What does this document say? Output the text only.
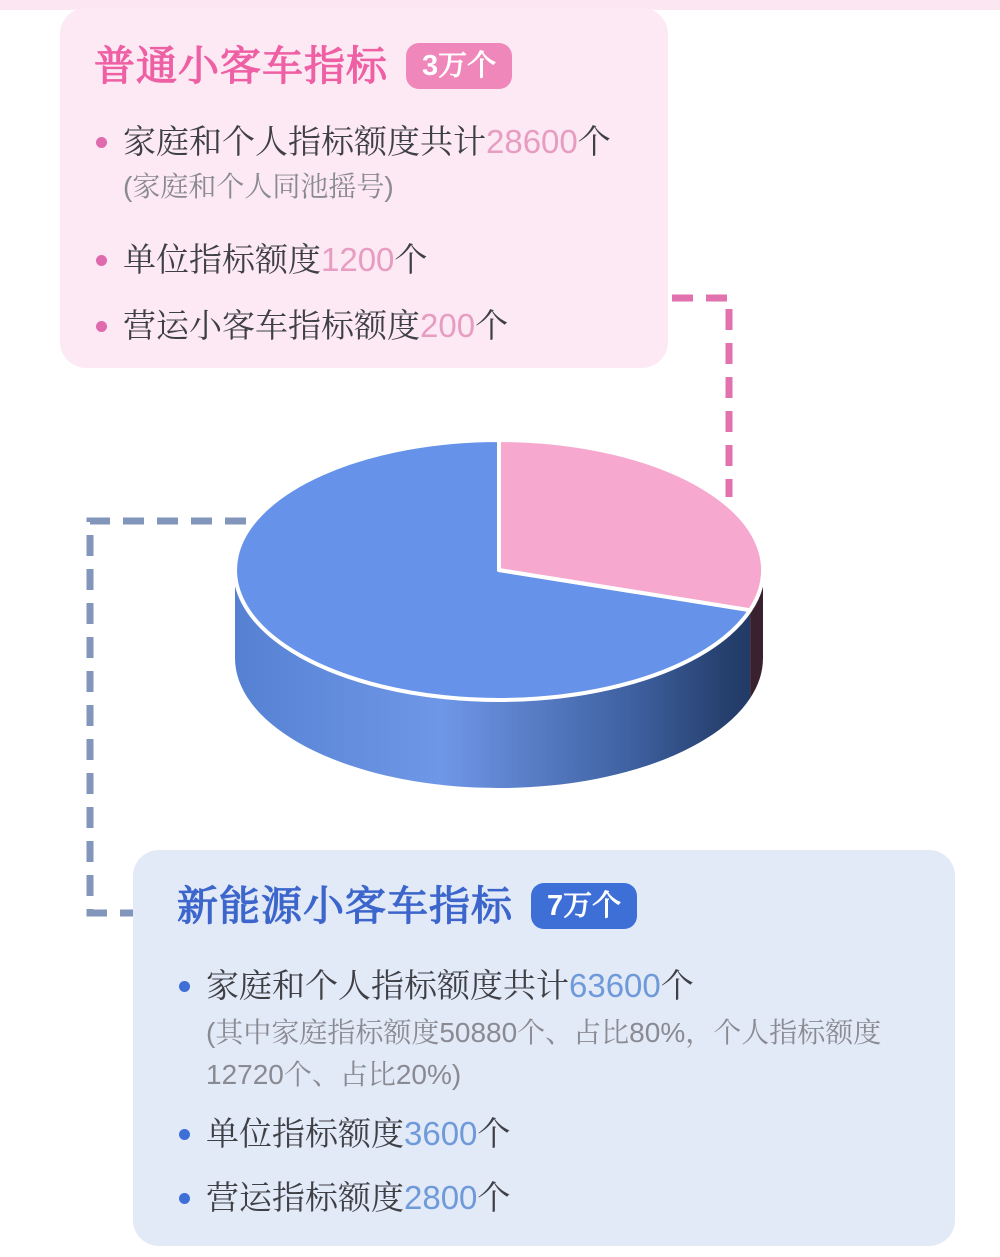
普通小客车指标	3万个
家庭和个人指标额度共计28600个
(家庭和个人同池摇号)
单位指标额度1200个
营运小客车指标额度200个
新能源小客车指标	7万个
家庭和个人指标额度共计63600个
(其中家庭指标额度50880个、占比80%，个人指标额度12720个、占比20%)
单位指标额度3600个
营运指标额度2800个
